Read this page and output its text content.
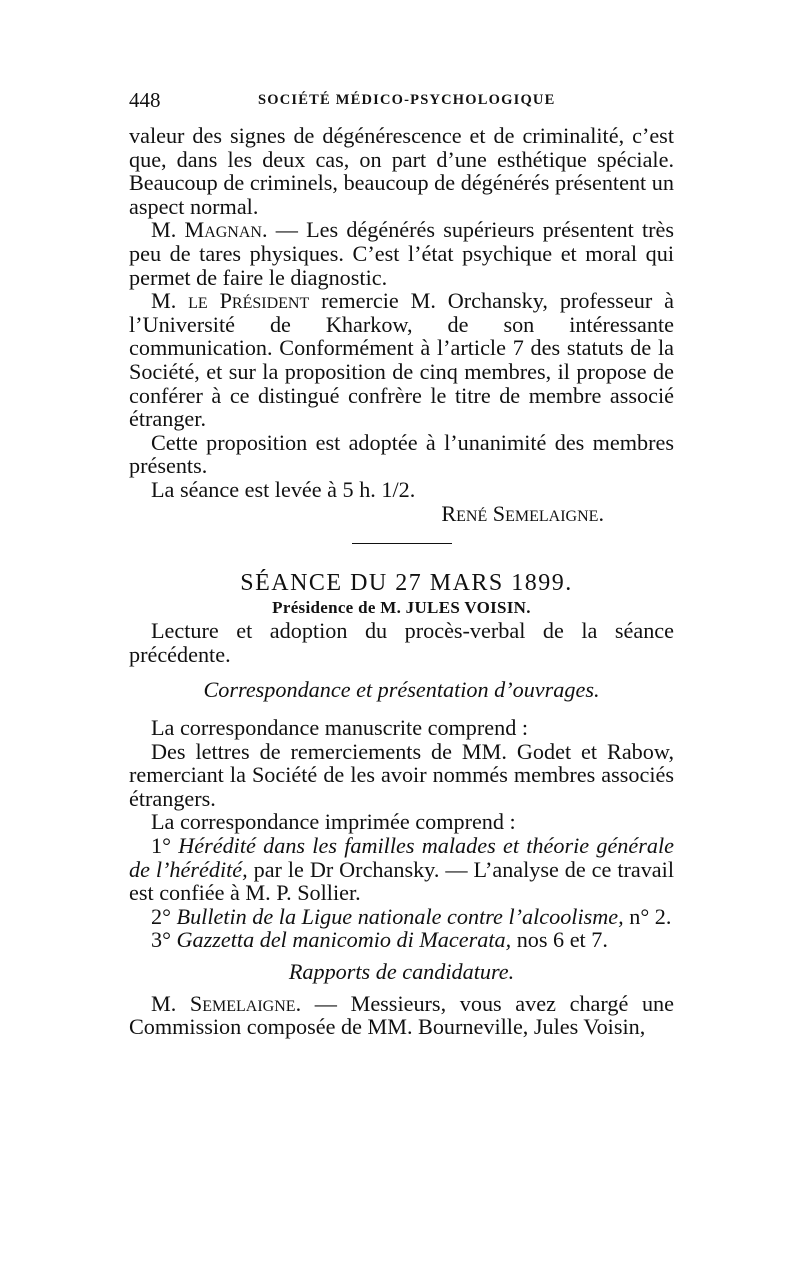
448	SOCIÉTÉ MÉDICO-PSYCHOLOGIQUE

valeur des signes de dégénérescence et de criminalité, c’est que, dans les deux cas, on part d’une esthétique spéciale. Beaucoup de criminels, beaucoup de dégénérés présentent un aspect normal.

M. Magnan. — Les dégénérés supérieurs présentent très peu de tares physiques. C’est l’état psychique et moral qui permet de faire le diagnostic.

M. le Président remercie M. Orchansky, professeur à l’Université de Kharkow, de son intéressante communication. Conformément à l’article 7 des statuts de la Société, et sur la proposition de cinq membres, il propose de conférer à ce distingué confrère le titre de membre associé étranger.

Cette proposition est adoptée à l’unanimité des membres présents.

La séance est levée à 5 h. 1/2.

René Semelaigne.

SÉANCE DU 27 MARS 1899.

Présidence de M. JULES VOISIN.

Lecture et adoption du procès-verbal de la séance précédente.

Correspondance et présentation d’ouvrages.

La correspondance manuscrite comprend :

Des lettres de remerciements de MM. Godet et Rabow, remerciant la Société de les avoir nommés membres associés étrangers.

La correspondance imprimée comprend :

1° Hérédité dans les familles malades et théorie générale de l’hérédité, par le Dr Orchansky. — L’analyse de ce travail est confiée à M. P. Sollier.

2° Bulletin de la Ligue nationale contre l’alcoolisme, n° 2.

3° Gazzetta del manicomio di Macerata, nos 6 et 7.

Rapports de candidature.

M. Semelaigne. — Messieurs, vous avez chargé une Commission composée de MM. Bourneville, Jules Voisin,
